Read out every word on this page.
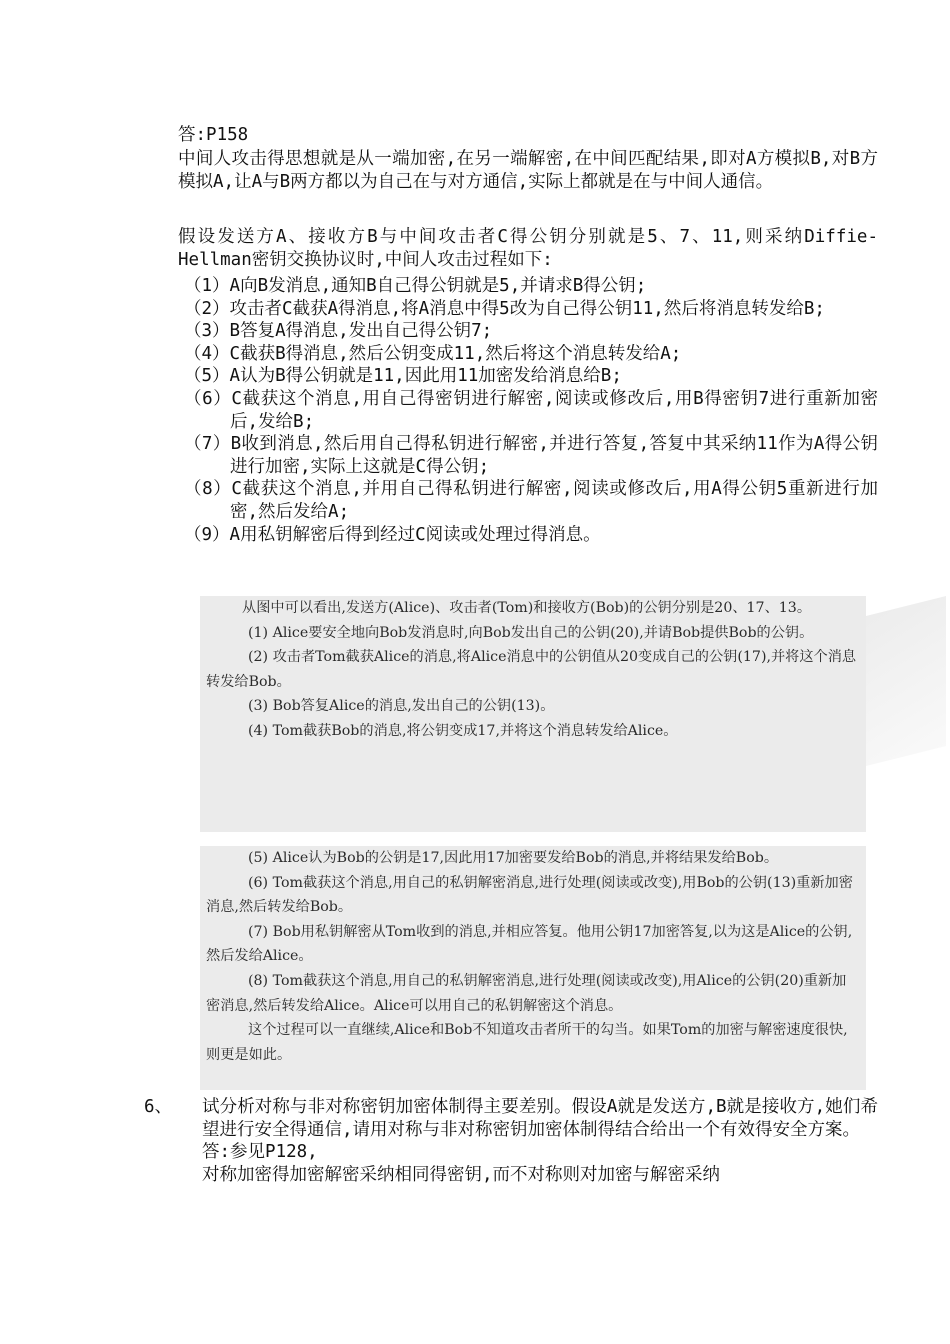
答:P158

中间人攻击得思想就是从一端加密,在另一端解密,在中间匹配结果,即对A方模拟B,对B方模拟A,让A与B两方都以为自己在与对方通信,实际上都就是在与中间人通信。

假设发送方A、接收方B与中间攻击者C得公钥分别就是5、7、11,则采纳Diffie-Hellman密钥交换协议时,中间人攻击过程如下:

（1）A向B发消息,通知B自己得公钥就是5,并请求B得公钥;
（2）攻击者C截获A得消息,将A消息中得5改为自己得公钥11,然后将消息转发给B;
（3）B答复A得消息,发出自己得公钥7;
（4）C截获B得消息,然后公钥变成11,然后将这个消息转发给A;
（5）A认为B得公钥就是11,因此用11加密发给消息给B;
（6）C截获这个消息,用自己得密钥进行解密,阅读或修改后,用B得密钥7进行重新加密后,发给B;
（7）B收到消息,然后用自己得私钥进行解密,并进行答复,答复中其采纳11作为A得公钥进行加密,实际上这就是C得公钥;
（8）C截获这个消息,并用自己得私钥进行解密,阅读或修改后,用A得公钥5重新进行加密,然后发给A;
（9）A用私钥解密后得到经过C阅读或处理过得消息。

从图中可以看出,发送方(Alice)、攻击者(Tom)和接收方(Bob)的公钥分别是20、17、13。

(1) Alice要安全地向Bob发消息时,向Bob发出自己的公钥(20),并请Bob提供Bob的公钥。

(2) 攻击者Tom截获Alice的消息,将Alice消息中的公钥值从20变成自己的公钥(17),并将这个消息转发给Bob。

(3) Bob答复Alice的消息,发出自己的公钥(13)。

(4) Tom截获Bob的消息,将公钥变成17,并将这个消息转发给Alice。

(5) Alice认为Bob的公钥是17,因此用17加密要发给Bob的消息,并将结果发给Bob。

(6) Tom截获这个消息,用自己的私钥解密消息,进行处理(阅读或改变),用Bob的公钥(13)重新加密消息,然后转发给Bob。

(7) Bob用私钥解密从Tom收到的消息,并相应答复。他用公钥17加密答复,以为这是Alice的公钥,然后发给Alice。

(8) Tom截获这个消息,用自己的私钥解密消息,进行处理(阅读或改变),用Alice的公钥(20)重新加密消息,然后转发给Alice。Alice可以用自己的私钥解密这个消息。

这个过程可以一直继续,Alice和Bob不知道攻击者所干的勾当。如果Tom的加密与解密速度很快,则更是如此。

6、 试分析对称与非对称密钥加密体制得主要差别。假设A就是发送方,B就是接收方,她们希望进行安全得通信,请用对称与非对称密钥加密体制得结合给出一个有效得安全方案。
答:参见P128,
对称加密得加密解密采纳相同得密钥,而不对称则对加密与解密采纳
